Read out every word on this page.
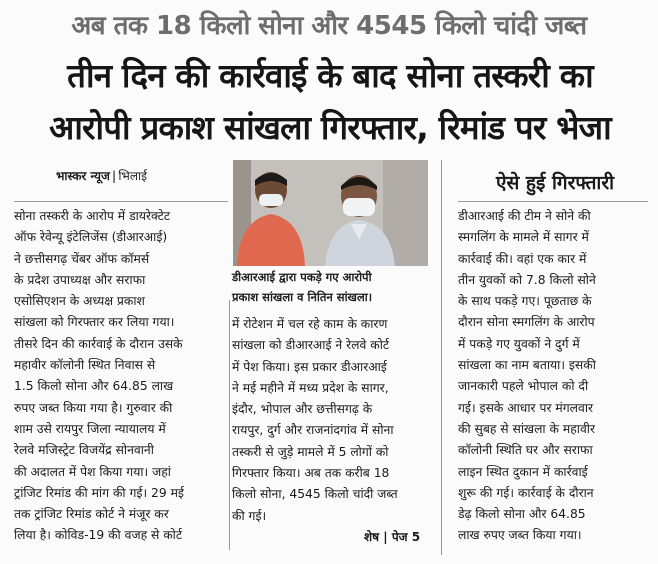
अब तक 18 किलो सोना और 4545 किलो चांदी जब्त
तीन दिन की कार्रवाई के बाद सोना तस्करी का
आरोपी प्रकाश सांखला गिरफ्तार, रिमांड पर भेजा
भास्कर न्यूज | भिलाई
डीआरआई द्वारा पकड़े गए आरोपी
प्रकाश सांखला व नितिन सांखला।
ऐसे हुई गिरफ्तारी
सोना तस्करी के आरोप में डायरेक्टेट
ऑफ रेवेन्यू इंटेलिजेंस (डीआरआई)
ने छत्तीसगढ़ चेंबर ऑफ कॉमर्स
के प्रदेश उपाध्यक्ष और सराफा
एसोसिएशन के अध्यक्ष प्रकाश
सांखला को गिरफ्तार कर लिया गया।
तीसरे दिन की कार्रवाई के दौरान उसके
महावीर कॉलोनी स्थित निवास से
1.5 किलो सोना और 64.85 लाख
रुपए जब्त किया गया है। गुरुवार की
शाम उसे रायपुर जिला न्यायालय में
रेलवे मजिस्ट्रेट विजयेंद्र सोनवानी
की अदालत में पेश किया गया। जहां
ट्रांजिट रिमांड की मांग की गई। 29 मई
तक ट्रांजिट रिमांड कोर्ट ने मंजूर कर
लिया है। कोविड-19 की वजह से कोर्ट
में रोटेशन में चल रहे काम के कारण
सांखला को डीआरआई ने रेलवे कोर्ट
में पेश किया। इस प्रकार डीआरआई
ने मई महीने में मध्य प्रदेश के सागर,
इंदौर, भोपाल और छत्तीसगढ़ के
रायपुर, दुर्ग और राजनांदगांव में सोना
तस्करी से जुड़े मामले में 5 लोगों को
गिरफ्तार किया। अब तक करीब 18
किलो सोना, 4545 किलो चांदी जब्त
की गई।
शेष | पेज 5
डीआरआई की टीम ने सोने की
स्मगलिंग के मामले में सागर में
कार्रवाई की। वहां एक कार में
तीन युवकों को 7.8 किलो सोने
के साथ पकड़े गए। पूछताछ के
दौरान सोना स्मगलिंग के आरोप
में पकड़े गए युवकों ने दुर्ग में
सांखला का नाम बताया। इसकी
जानकारी पहले भोपाल को दी
गई। इसके आधार पर मंगलवार
की सुबह से सांखला के महावीर
कॉलोनी स्थिति घर और सराफा
लाइन स्थित दुकान में कार्रवाई
शुरू की गई। कार्रवाई के दौरान
डेढ़ किलो सोना और 64.85
लाख रुपए जब्त किया गया।
